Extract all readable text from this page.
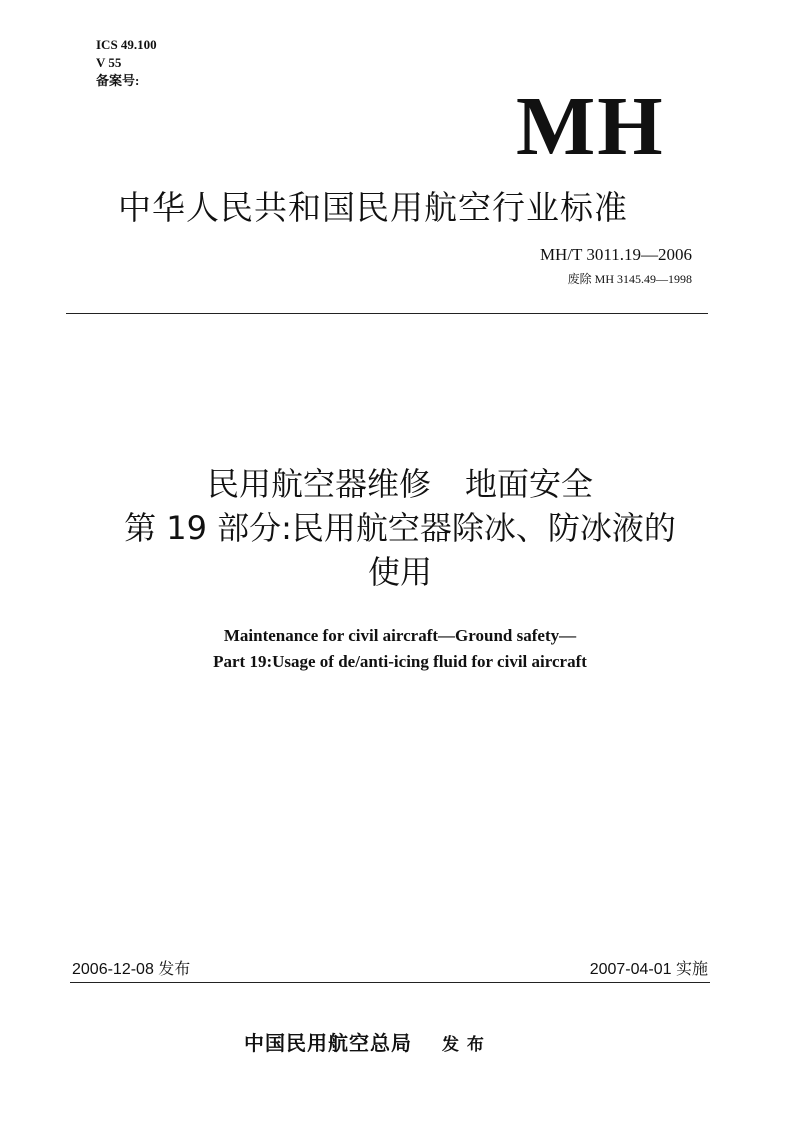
ICS 49.100
V 55
备案号:	MH
中华人民共和国民用航空行业标准
MH/T 3011.19—2006
废除 MH 3145.49—1998
民用航空器维修 地面安全
第 19 部分:民用航空器除冰、防冰液的
使用
Maintenance for civil aircraft—Ground safety—
Part 19:Usage of de/anti-icing fluid for civil aircraft
2006-12-08 发布	2007-04-01 实施
中国民用航空总局 发 布
